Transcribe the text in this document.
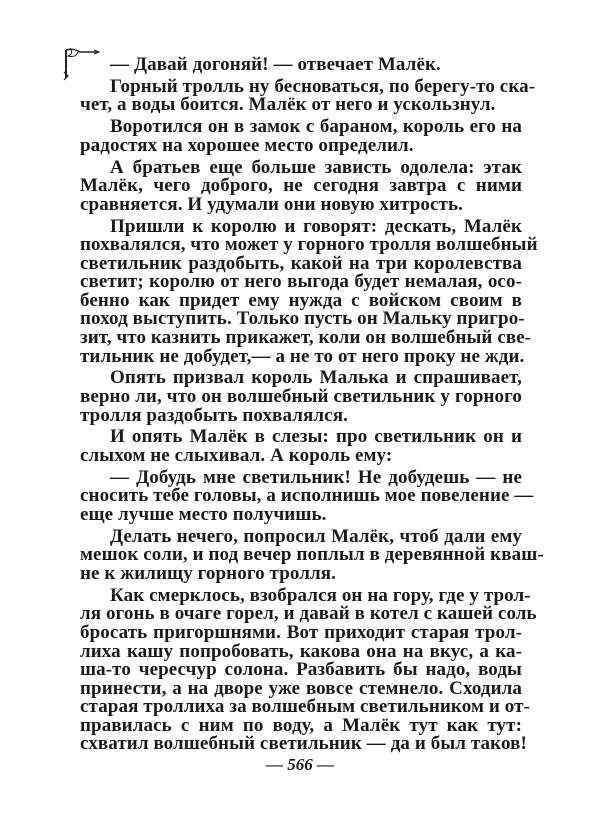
— Давай догоняй! — отвечает Малёк.
Горный тролль ну бесноваться, по берегу-то ска-
чет, а воды боится. Малёк от него и ускользнул.
Воротился он в замок с бараном, король его на
радостях на хорошее место определил.
А братьев еще больше зависть одолела: этак
Малёк, чего доброго, не сегодня завтра с ними
сравняется. И удумали они новую хитрость.
Пришли к королю и говорят: дескать, Малёк
похвалялся, что может у горного тролля волшебный
светильник раздобыть, какой на три королевства
светит; королю от него выгода будет немалая, осо-
бенно как придет ему нужда с войском своим в
поход выступить. Только пусть он Мальку пригро-
зит, что казнить прикажет, коли он волшебный све-
тильник не добудет,— а не то от него проку не жди.
Опять призвал король Малька и спрашивает,
верно ли, что он волшебный светильник у горного
тролля раздобыть похвалялся.
И опять Малёк в слезы: про светильник он и
слыхом не слыхивал. А король ему:
— Добудь мне светильник! Не добудешь — не
сносить тебе головы, а исполнишь мое повеление —
еще лучше место получишь.
Делать нечего, попросил Малёк, чтоб дали ему
мешок соли, и под вечер поплыл в деревянной кваш-
не к жилищу горного тролля.
Как смерклось, взобрался он на гору, где у трол-
ля огонь в очаге горел, и давай в котел с кашей соль
бросать пригоршнями. Вот приходит старая трол-
лиха кашу попробовать, какова она на вкус, а ка-
ша-то чересчур солона. Разбавить бы надо, воды
принести, а на дворе уже вовсе стемнело. Сходила
старая троллиха за волшебным светильником и от-
правилась с ним по воду, а Малёк тут как тут:
схватил волшебный светильник — да и был таков!
— 566 —
